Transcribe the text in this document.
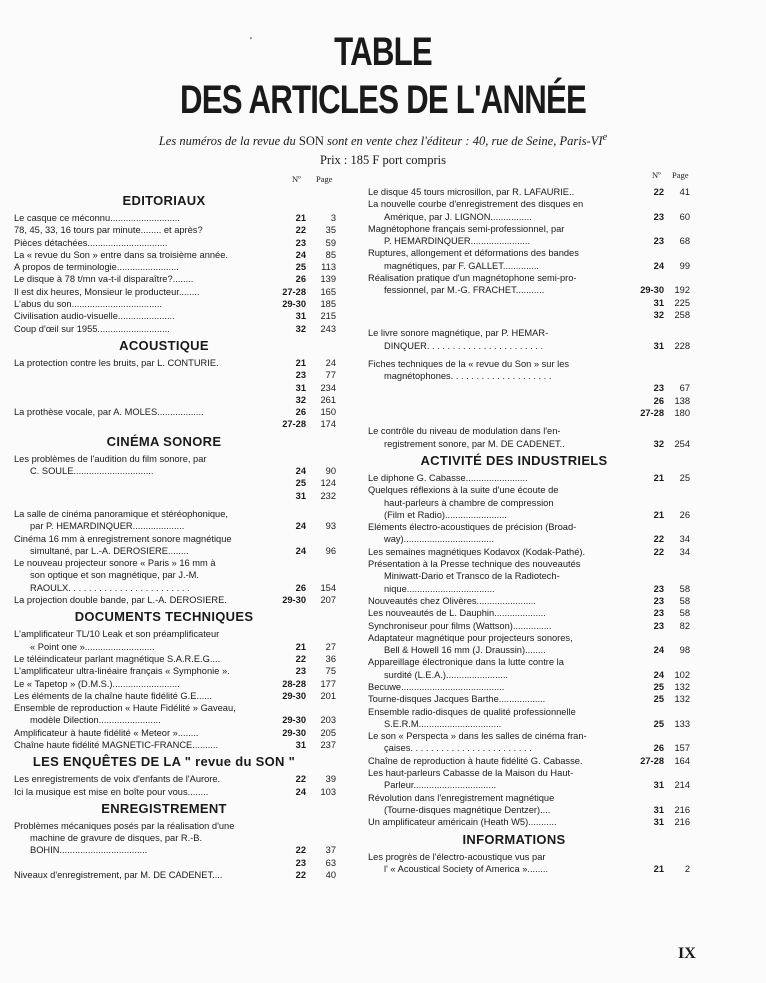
'	TABLE
DES ARTICLES DE L'ANNÉE
Les numéros de la revue du SON sont en vente chez l'éditeur : 40, rue de Seine, Paris-VIe
Prix : 185 F port compris
Nº Page
EDITORIAUX
Le casque ce méconnu...........................	21	3
78, 45, 33, 16 tours par minute........ et après?	22	35
Pièces détachées...............................	23	59
La « revue du Son » entre dans sa troisième année.	24	85
A propos de terminologie........................	25	113
Le disque à 78 t/mn va-t-il disparaître?........	26	139
Il est dix heures, Monsieur le producteur........	27-28	165
L'abus du son...................................	29-30	185
Civilisation audio-visuelle......................	31	215
Coup d'œil sur 1955............................	32	243
ACOUSTIQUE
La protection contre les bruits, par L. CONTURIE.	21	24
23	77
31	234
32	261
La prothèse vocale, par A. MOLES..................	26	150
27-28	174
CINÉMA SONORE
Les problèmes de l'audition du film sonore, par
C. SOULE...............................	24	90
25	124
31	232
La salle de cinéma panoramique et stéréophonique,
par P. HEMARDINQUER....................	24	93
Cinéma 16 mm à enregistrement sonore magnétique
simultané, par L.-A. DEROSIERE........	24	96
Le nouveau projecteur sonore « Paris » 16 mm à
son optique et son magnétique, par J.-M.
RAOULX. . . . . . . . . . . . . . . . . . . . . . . .	26	154
La projection double bande, par L.-A. DEROSIERE.	29-30	207
DOCUMENTS TECHNIQUES
L'amplificateur TL/10 Leak et son préamplificateur
« Point one »...........................	21	27
Le téléindicateur parlant magnétique S.A.R.E.G....	22	36
L'amplificateur ultra-linéaire français « Symphonie ».	23	75
Le « Tapetop » (D.M.S.)..........................	28-28	177
Les éléments de la chaîne haute fidélité G.E......	29-30	201
Ensemble de reproduction « Haute Fidélité » Gaveau,
modèle Dilection........................	29-30	203
Amplificateur à haute fidélité « Meteor »........	29-30	205
Chaîne haute fidélité MAGNETIC-FRANCE..........	31	237
LES ENQUÊTES DE LA " revue du SON "
Les enregistrements de voix d'enfants de l'Aurore.	22	39
Ici la musique est mise en boîte pour vous........	24	103
ENREGISTREMENT
Problèmes mécaniques posés par la réalisation d'une
machine de gravure de disques, par R.-B.
BOHIN..................................	22	37
23	63
Niveaux d'enregistrement, par M. DE CADENET....	22	40
Nº Page
Le disque 45 tours microsillon, par R. LAFAURIE..	22	41
La nouvelle courbe d'enregistrement des disques en
Amérique, par J. LIGNON................	23	60
Magnétophone français semi-professionnel, par
P. HEMARDINQUER.......................	23	68
Ruptures, allongement et déformations des bandes
magnétiques, par F. GALLET..............	24	99
Réalisation pratique d'un magnétophone semi-pro-
fessionnel, par M.-G. FRACHET...........	29-30	192
31	225
32	258
Le livre sonore magnétique, par P. HEMAR-
DINQUER. . . . . . . . . . . . . . . . . . . . . . .	31	228
Fiches techniques de la « revue du Son » sur les
magnétophones. . . . . . . . . . . . . . . . . . . .
23	67
26	138
27-28	180
Le contrôle du niveau de modulation dans l'en-
registrement sonore, par M. DE CADENET..	32	254
ACTIVITÉ DES INDUSTRIELS
Le diphone G. Cabasse........................	21	25
Quelques réflexions à la suite d'une écoute de
haut-parleurs à chambre de compression
(Film et Radio)........................	21	26
Eléments électro-acoustiques de précision (Broad-
way)...................................	22	34
Les semaines magnétiques Kodavox (Kodak-Pathé).	22	34
Présentation à la Presse technique des nouveautés
Miniwatt-Dario et Transco de la Radiotech-
nique..................................	23	58
Nouveautés chez Olivères.......................	23	58
Les nouveautés de L. Dauphin....................	23	58
Synchroniseur pour films (Wattson)...............	23	82
Adaptateur magnétique pour projecteurs sonores,
Bell & Howell 16 mm (J. Draussin)........	24	98
Appareillage électronique dans la lutte contre la
surdité (L.E.A.)........................	24	102
Becuwe........................................	25	132
Tourne-disques Jacques Barthe..................	25	132
Ensemble radio-disques de qualité professionnelle
S.E.R.M................................	25	133
Le son « Perspecta » dans les salles de cinéma fran-
çaises. . . . . . . . . . . . . . . . . . . . . . . .	26	157
Chaîne de reproduction à haute fidélité G. Cabasse.	27-28	164
Les haut-parleurs Cabasse de la Maison du Haut-
Parleur................................	31	214
Révolution dans l'enregistrement magnétique
(Tourne-disques magnétique Dentzer)....	31	216
Un amplificateur américain (Heath W5)...........	31	216
INFORMATIONS
Les progrès de l'électro-acoustique vus par
l' « Acoustical Society of America »........	21	2
IX
